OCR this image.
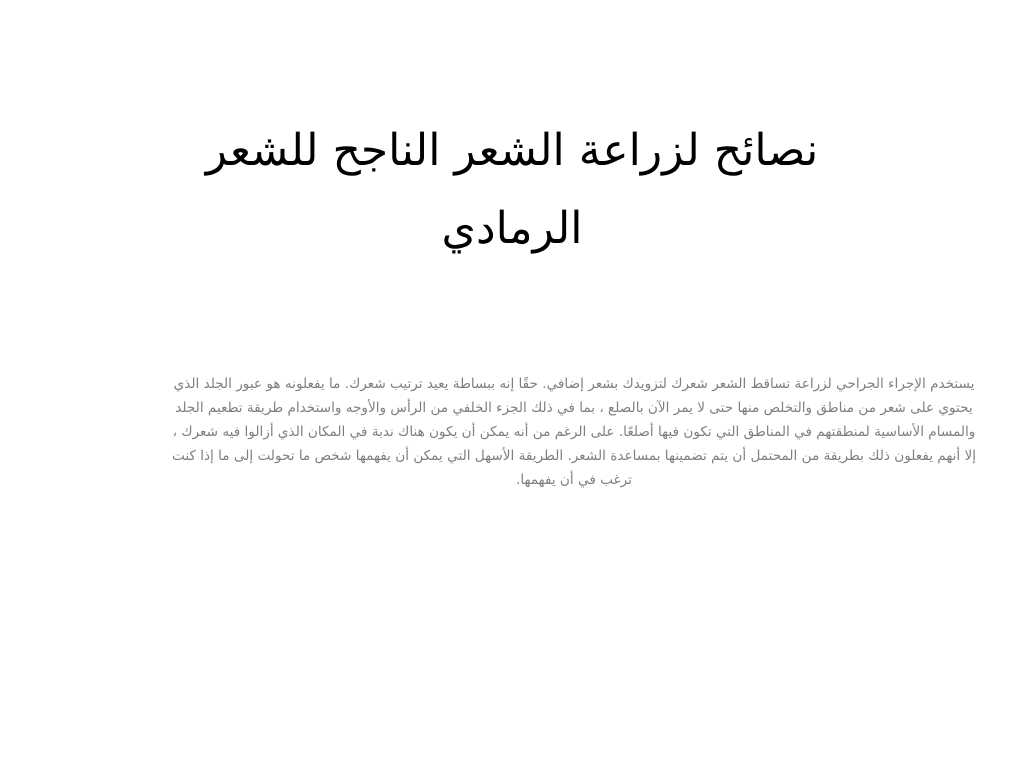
نصائح لزراعة الشعر الناجح للشعر الرمادي

يستخدم الإجراء الجراحي لزراعة تساقط الشعر شعرك لتزويدك بشعر إضافي. حقًا إنه ببساطة يعيد ترتيب شعرك. ما يفعلونه هو عبور الجلد الذي يحتوي على شعر من مناطق والتخلص منها حتى لا يمر الآن بالصلع ، بما في ذلك الجزء الخلفي من الرأس والأوجه واستخدام طريقة تطعيم الجلد والمسام الأساسية لمنطقتهم في المناطق التي تكون فيها أصلعًا. على الرغم من أنه يمكن أن يكون هناك ندبة في المكان الذي أزالوا فيه شعرك ، إلا أنهم يفعلون ذلك بطريقة من المحتمل أن يتم تضمينها بمساعدة الشعر. الطريقة الأسهل التي يمكن أن يفهمها شخص ما تحولت إلى ما إذا كنت ترغب في أن يفهمها.
